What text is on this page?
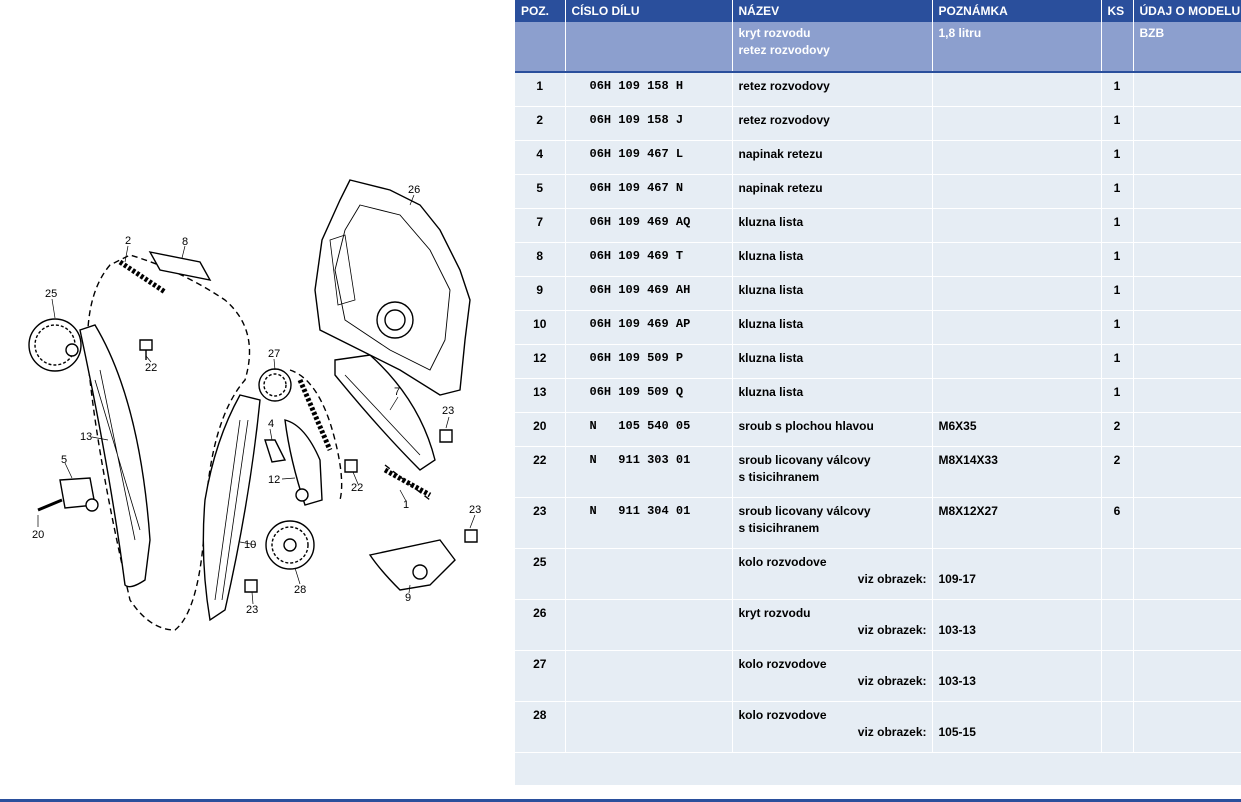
2	8
25
22
13
5
20
26
27
4
12
7
23
22
1	23
10
23
28
9
POZ.	CÍSLO DÍLU	NÁZEV	POZNÁMKA	KS	ÚDAJ O MODELU

		kryt rozvodu
retez rozvodovy	1,8 litru		BZB
1	06H 109 158 H	retez rozvodovy		1	
2	06H 109 158 J	retez rozvodovy		1	
4	06H 109 467 L	napinak retezu		1	
5	06H 109 467 N	napinak retezu		1	
7	06H 109 469 AQ	kluzna lista		1	
8	06H 109 469 T	kluzna lista		1	
9	06H 109 469 AH	kluzna lista		1	
10	06H 109 469 AP	kluzna lista		1	
12	06H 109 509 P	kluzna lista		1	
13	06H 109 509 Q	kluzna lista		1	
20	N   105 540 05	sroub s plochou hlavou	M6X35	2	
22	N   911 303 01	sroub licovany válcovy
s tisicihranem	M8X14X33	2	
23	N   911 304 01	sroub licovany válcovy
s tisicihranem	M8X12X27	6	
25		kolo rozvodove
viz obrazek:	109-17		

26		kryt rozvodu
viz obrazek:	103-13		

27		kolo rozvodove
viz obrazek:	103-13		

28		kolo rozvodove
viz obrazek:	105-15		
